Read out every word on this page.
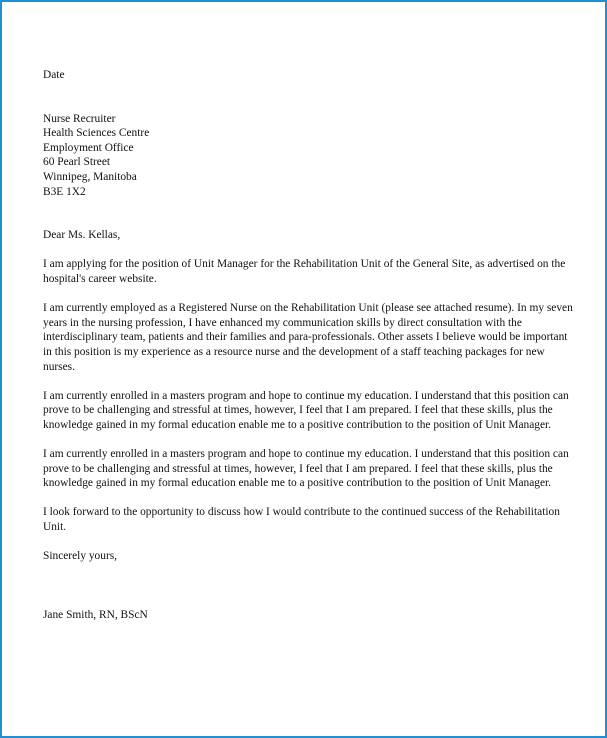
Date

Nurse Recruiter
Health Sciences Centre
Employment Office
60 Pearl Street
Winnipeg, Manitoba
B3E 1X2

Dear Ms. Kellas,

I am applying for the position of Unit Manager for the Rehabilitation Unit of the General Site, as advertised on the hospital's career website.

I am currently employed as a Registered Nurse on the Rehabilitation Unit (please see attached resume). In my seven years in the nursing profession, I have enhanced my communication skills by direct consultation with the interdisciplinary team, patients and their families and para-professionals. Other assets I believe would be important in this position is my experience as a resource nurse and the development of a staff teaching packages for new nurses.

I am currently enrolled in a masters program and hope to continue my education. I understand that this position can prove to be challenging and stressful at times, however, I feel that I am prepared. I feel that these skills, plus the knowledge gained in my formal education enable me to a positive contribution to the position of Unit Manager.

I am currently enrolled in a masters program and hope to continue my education. I understand that this position can prove to be challenging and stressful at times, however, I feel that I am prepared. I feel that these skills, plus the knowledge gained in my formal education enable me to a positive contribution to the position of Unit Manager.

I look forward to the opportunity to discuss how I would contribute to the continued success of the Rehabilitation Unit.

Sincerely yours,

Jane Smith, RN, BScN
